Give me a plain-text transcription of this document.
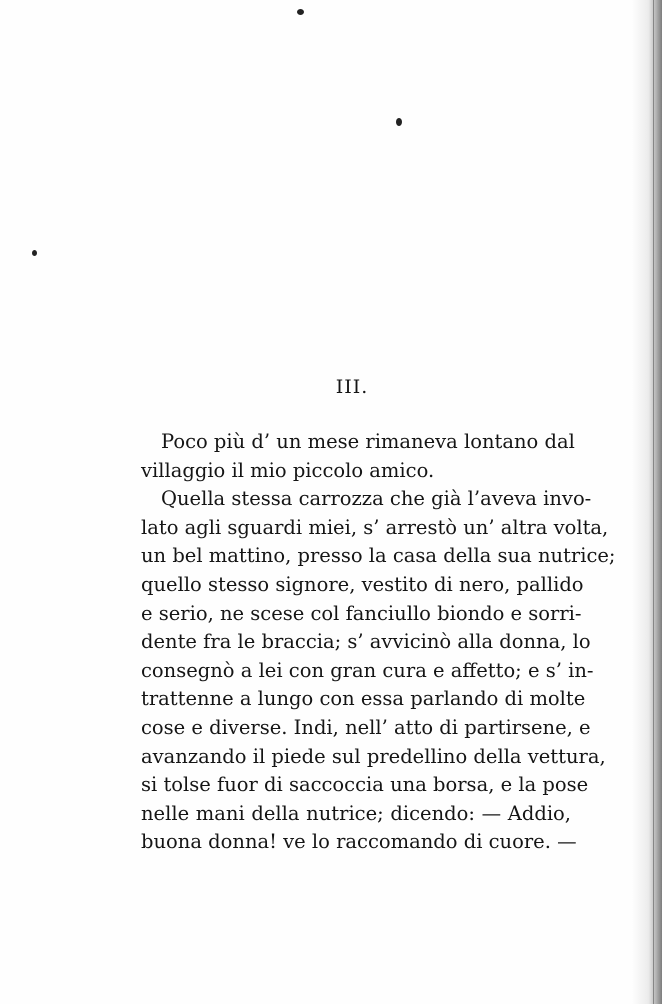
III.
Poco più d’ un mese rimaneva lontano dal
villaggio il mio piccolo amico.
Quella stessa carrozza che già l’aveva invo-
lato agli sguardi miei, s’ arrestò un’ altra volta,
un bel mattino, presso la casa della sua nutrice;
quello stesso signore, vestito di nero, pallido
e serio, ne scese col fanciullo biondo e sorri-
dente fra le braccia; s’ avvicinò alla donna, lo
consegnò a lei con gran cura e affetto; e s’ in-
trattenne a lungo con essa parlando di molte
cose e diverse. Indi, nell’ atto di partirsene, e
avanzando il piede sul predellino della vettura,
si tolse fuor di saccoccia una borsa, e la pose
nelle mani della nutrice; dicendo: — Addio,
buona donna! ve lo raccomando di cuore. —
